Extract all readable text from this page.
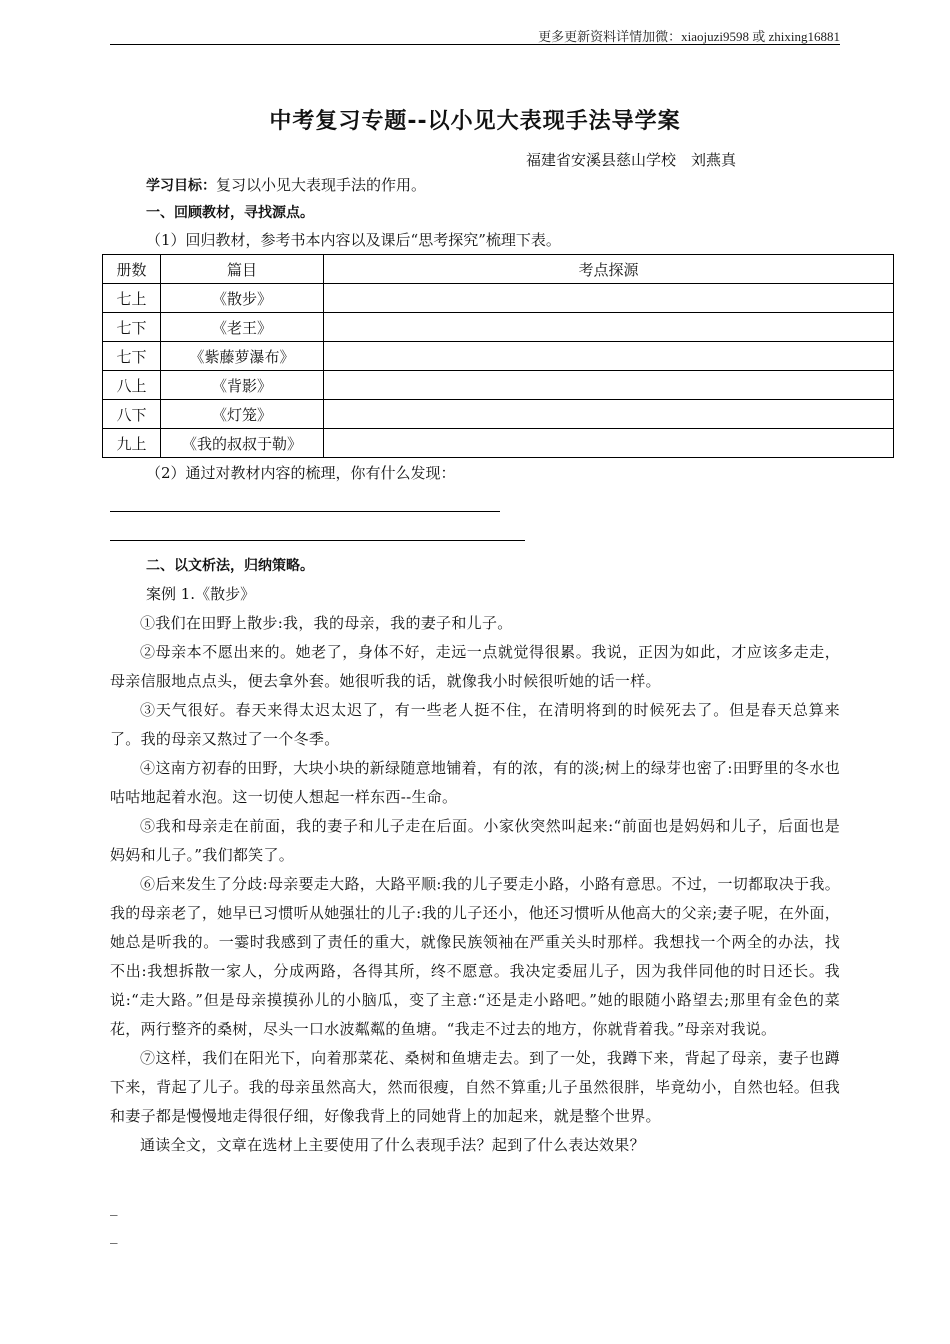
更多更新资料详情加微：xiaojuzi9598 或 zhixing16881
中考复习专题--以小见大表现手法导学案

福建省安溪县慈山学校　刘燕真

学习目标：复习以小见大表现手法的作用。

一、回顾教材，寻找源点。

（1）回归教材，参考书本内容以及课后“思考探究”梳理下表。

册数	篇目	考点探源
七上	《散步》	
七下	《老王》	
七下	《紫藤萝瀑布》	
八上	《背影》	
八下	《灯笼》	
九上	《我的叔叔于勒》	

（2）通过对教材内容的梳理，你有什么发现：

二、以文析法，归纳策略。

案例 1.《散步》

①我们在田野上散步:我，我的母亲，我的妻子和儿子。

②母亲本不愿出来的。她老了，身体不好，走远一点就觉得很累。我说，正因为如此，才应该多走走，母亲信服地点点头，便去拿外套。她很听我的话，就像我小时候很听她的话一样。

③天气很好。春天来得太迟太迟了，有一些老人挺不住，在清明将到的时候死去了。但是春天总算来了。我的母亲又熬过了一个冬季。

④这南方初春的田野，大块小块的新绿随意地铺着，有的浓，有的淡;树上的绿芽也密了:田野里的冬水也咕咕地起着水泡。这一切使人想起一样东西--生命。

⑤我和母亲走在前面，我的妻子和儿子走在后面。小家伙突然叫起来:“前面也是妈妈和儿子，后面也是妈妈和儿子。”我们都笑了。

⑥后来发生了分歧:母亲要走大路，大路平顺:我的儿子要走小路，小路有意思。不过，一切都取决于我。我的母亲老了，她早已习惯听从她强壮的儿子:我的儿子还小，他还习惯听从他高大的父亲;妻子呢，在外面，她总是听我的。一霎时我感到了责任的重大，就像民族领袖在严重关头时那样。我想找一个两全的办法，找不出:我想拆散一家人，分成两路，各得其所，终不愿意。我决定委屈儿子，因为我伴同他的时日还长。我说:“走大路。”但是母亲摸摸孙儿的小脑瓜，变了主意:“还是走小路吧。”她的眼随小路望去;那里有金色的菜花，两行整齐的桑树，尽头一口水波粼粼的鱼塘。“我走不过去的地方，你就背着我。”母亲对我说。

⑦这样，我们在阳光下，向着那菜花、桑树和鱼塘走去。到了一处，我蹲下来，背起了母亲，妻子也蹲下来，背起了儿子。我的母亲虽然高大，然而很瘦，自然不算重;儿子虽然很胖，毕竟幼小，自然也轻。但我和妻子都是慢慢地走得很仔细，好像我背上的同她背上的加起来，就是整个世界。

通读全文，文章在选材上主要使用了什么表现手法？起到了什么表达效果？

_
_
